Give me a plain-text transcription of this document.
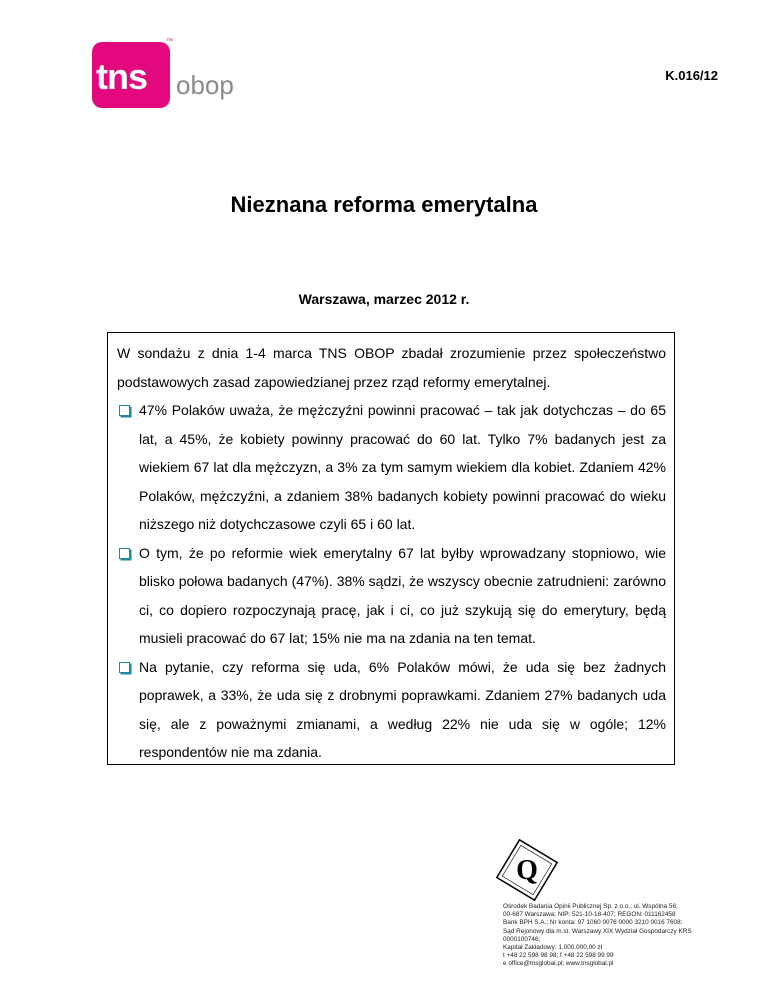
tns
™
obop	K.016/12
Nieznana reforma emerytalna
Warszawa, marzec 2012 r.

W sondażu z dnia 1-4 marca TNS OBOP zbadał zrozumienie przez społeczeństwo podstawowych zasad zapowiedzianej przez rząd reformy emerytalnej.

47% Polaków uważa, że mężczyźni powinni pracować – tak jak dotychczas – do 65 lat, a 45%, że kobiety powinny pracować do 60 lat. Tylko 7% badanych jest za wiekiem 67 lat dla mężczyzn, a 3% za tym samym wiekiem dla kobiet. Zdaniem 42% Polaków, mężczyźni, a zdaniem 38% badanych kobiety powinni pracować do wieku niższego niż dotychczasowe czyli 65 i 60 lat.
O tym, że po reformie wiek emerytalny 67 lat byłby wprowadzany stopniowo, wie blisko połowa badanych (47%). 38% sądzi, że wszyscy obecnie zatrudnieni: zarówno ci, co dopiero rozpoczynają pracę, jak i ci, co już szykują się do emerytury, będą musieli pracować do 67 lat; 15% nie ma na zdania na ten temat.
Na pytanie, czy reforma się uda, 6% Polaków mówi, że uda się bez żadnych poprawek, a 33%, że uda się z drobnymi poprawkami. Zdaniem 27% badanych uda się, ale z poważnymi zmianami, a według 22% nie uda się w ogóle; 12% respondentów nie ma zdania.
Q
Ośrodek Badania Opinii Publicznej Sp. z o.o.; ul. Wspólna 56;
00-687 Warszawa; NIP: 521-10-18-407; REGON: 011162458
Bank BPH S.A.; Nr konta: 97 1060 0076 0000 3210 0016 7608;
Sąd Rejonowy dla m.st. Warszawy XIX Wydział Gospodarczy KRS
0000100746;
Kapitał Zakładowy: 1.000.000,00 zł
t +48 22 598 98 98; f +48 22 598 99 99
e office@tnsglobal.pl; www.tnsglobal.pl
